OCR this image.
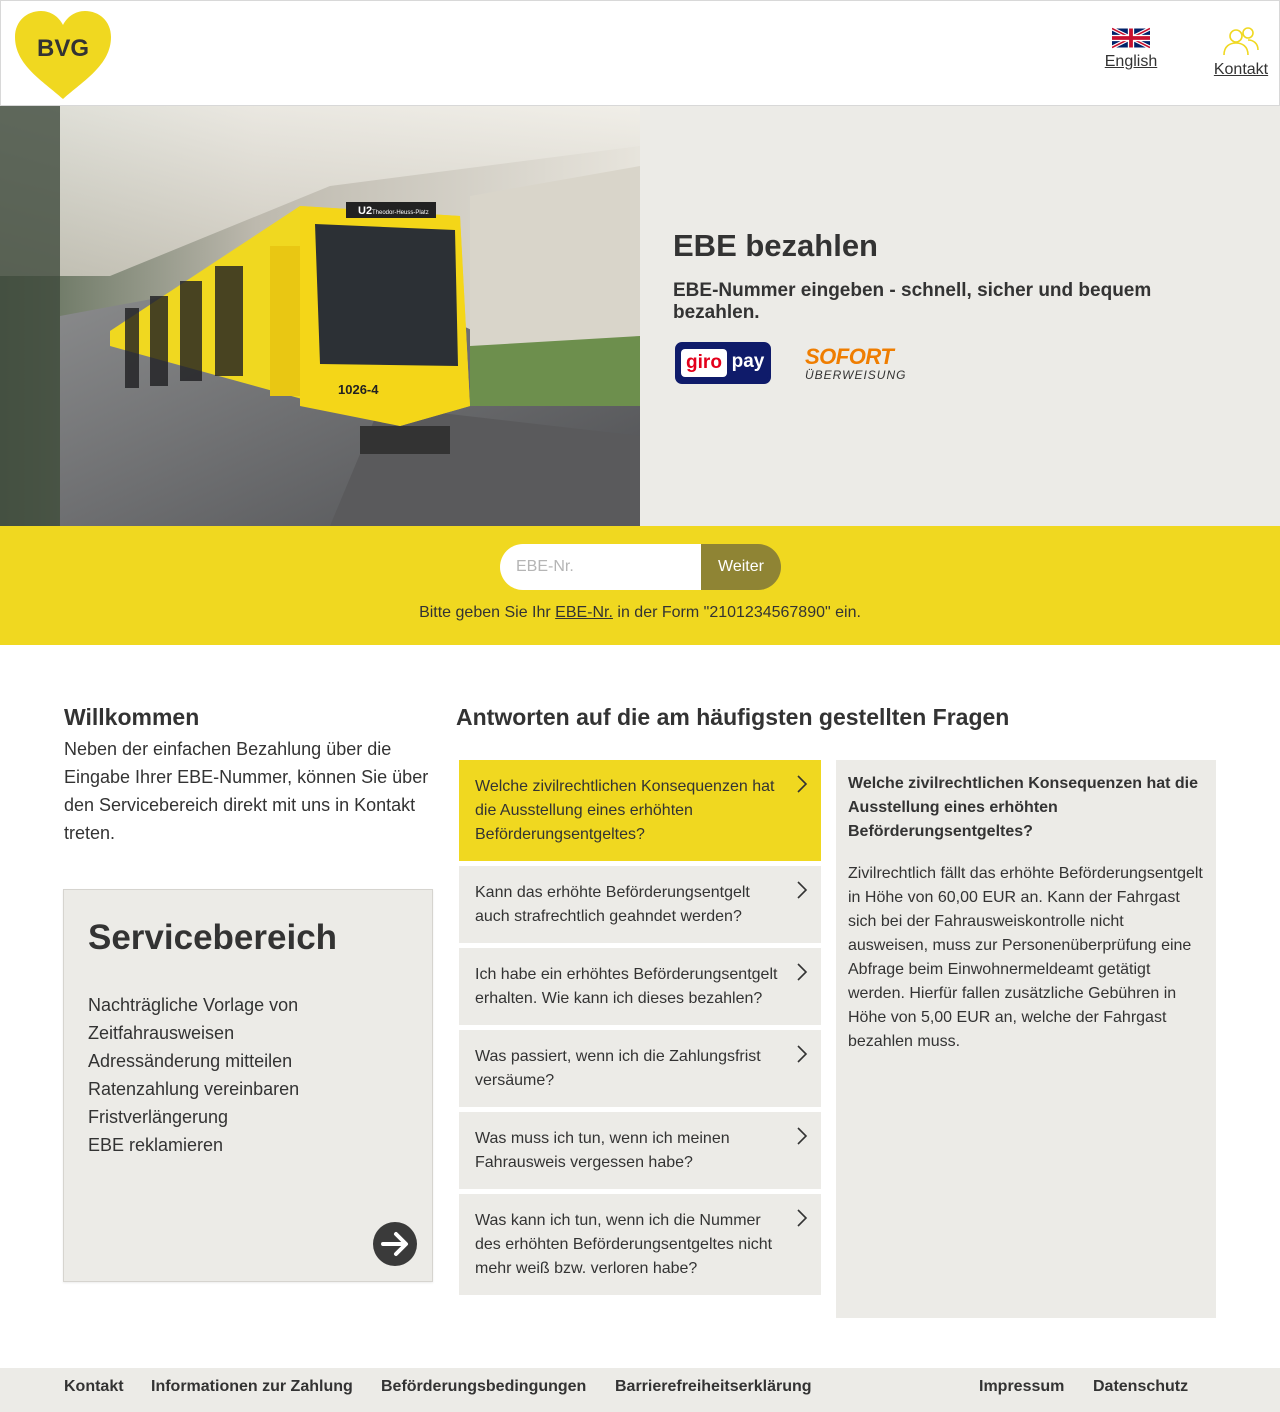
BVG	English	Kontakt
U2 Theodor-Heuss-Platz
1026-4
EBE bezahlen

EBE-Nummer eingeben - schnell, sicher und bequem bezahlen.

giro pay SOFORT
ÜBERWEISUNG
EBE-Nr.
Weiter

Bitte geben Sie Ihr EBE-Nr. in der Form "2101234567890" ein.

Willkommen

Neben der einfachen Bezahlung über die Eingabe Ihrer EBE-Nummer, können Sie über den Servicebereich direkt mit uns in Kontakt treten.

Servicebereich
Nachträgliche Vorlage von Zeitfahrausweisen
Adressänderung mitteilen
Ratenzahlung vereinbaren
Fristverlängerung
EBE reklamieren
Antworten auf die am häufigsten gestellten Fragen
Welche zivilrechtlichen Konsequenzen hat die Ausstellung eines erhöhten Beförderungsentgeltes?
Kann das erhöhte Beförderungsentgelt auch strafrechtlich geahndet werden?
Ich habe ein erhöhtes Beförderungsentgelt erhalten. Wie kann ich dieses bezahlen?
Was passiert, wenn ich die Zahlungsfrist versäume?
Was muss ich tun, wenn ich meinen Fahrausweis vergessen habe?
Was kann ich tun, wenn ich die Nummer des erhöhten Beförderungsentgeltes nicht mehr weiß bzw. verloren habe?
Welche zivilrechtlichen Konsequenzen hat die Ausstellung eines erhöhten Beförderungsentgeltes?

Zivilrechtlich fällt das erhöhte Beförderungsentgelt in Höhe von 60,00 EUR an. Kann der Fahrgast sich bei der Fahrausweiskontrolle nicht ausweisen, muss zur Personenüberprüfung eine Abfrage beim Einwohnermeldeamt getätigt werden. Hierfür fallen zusätzliche Gebühren in Höhe von 5,00 EUR an, welche der Fahrgast bezahlen muss.

Kontakt Informationen zur Zahlung Beförderungsbedingungen Barrierefreiheitserklärung	Impressum Datenschutz
